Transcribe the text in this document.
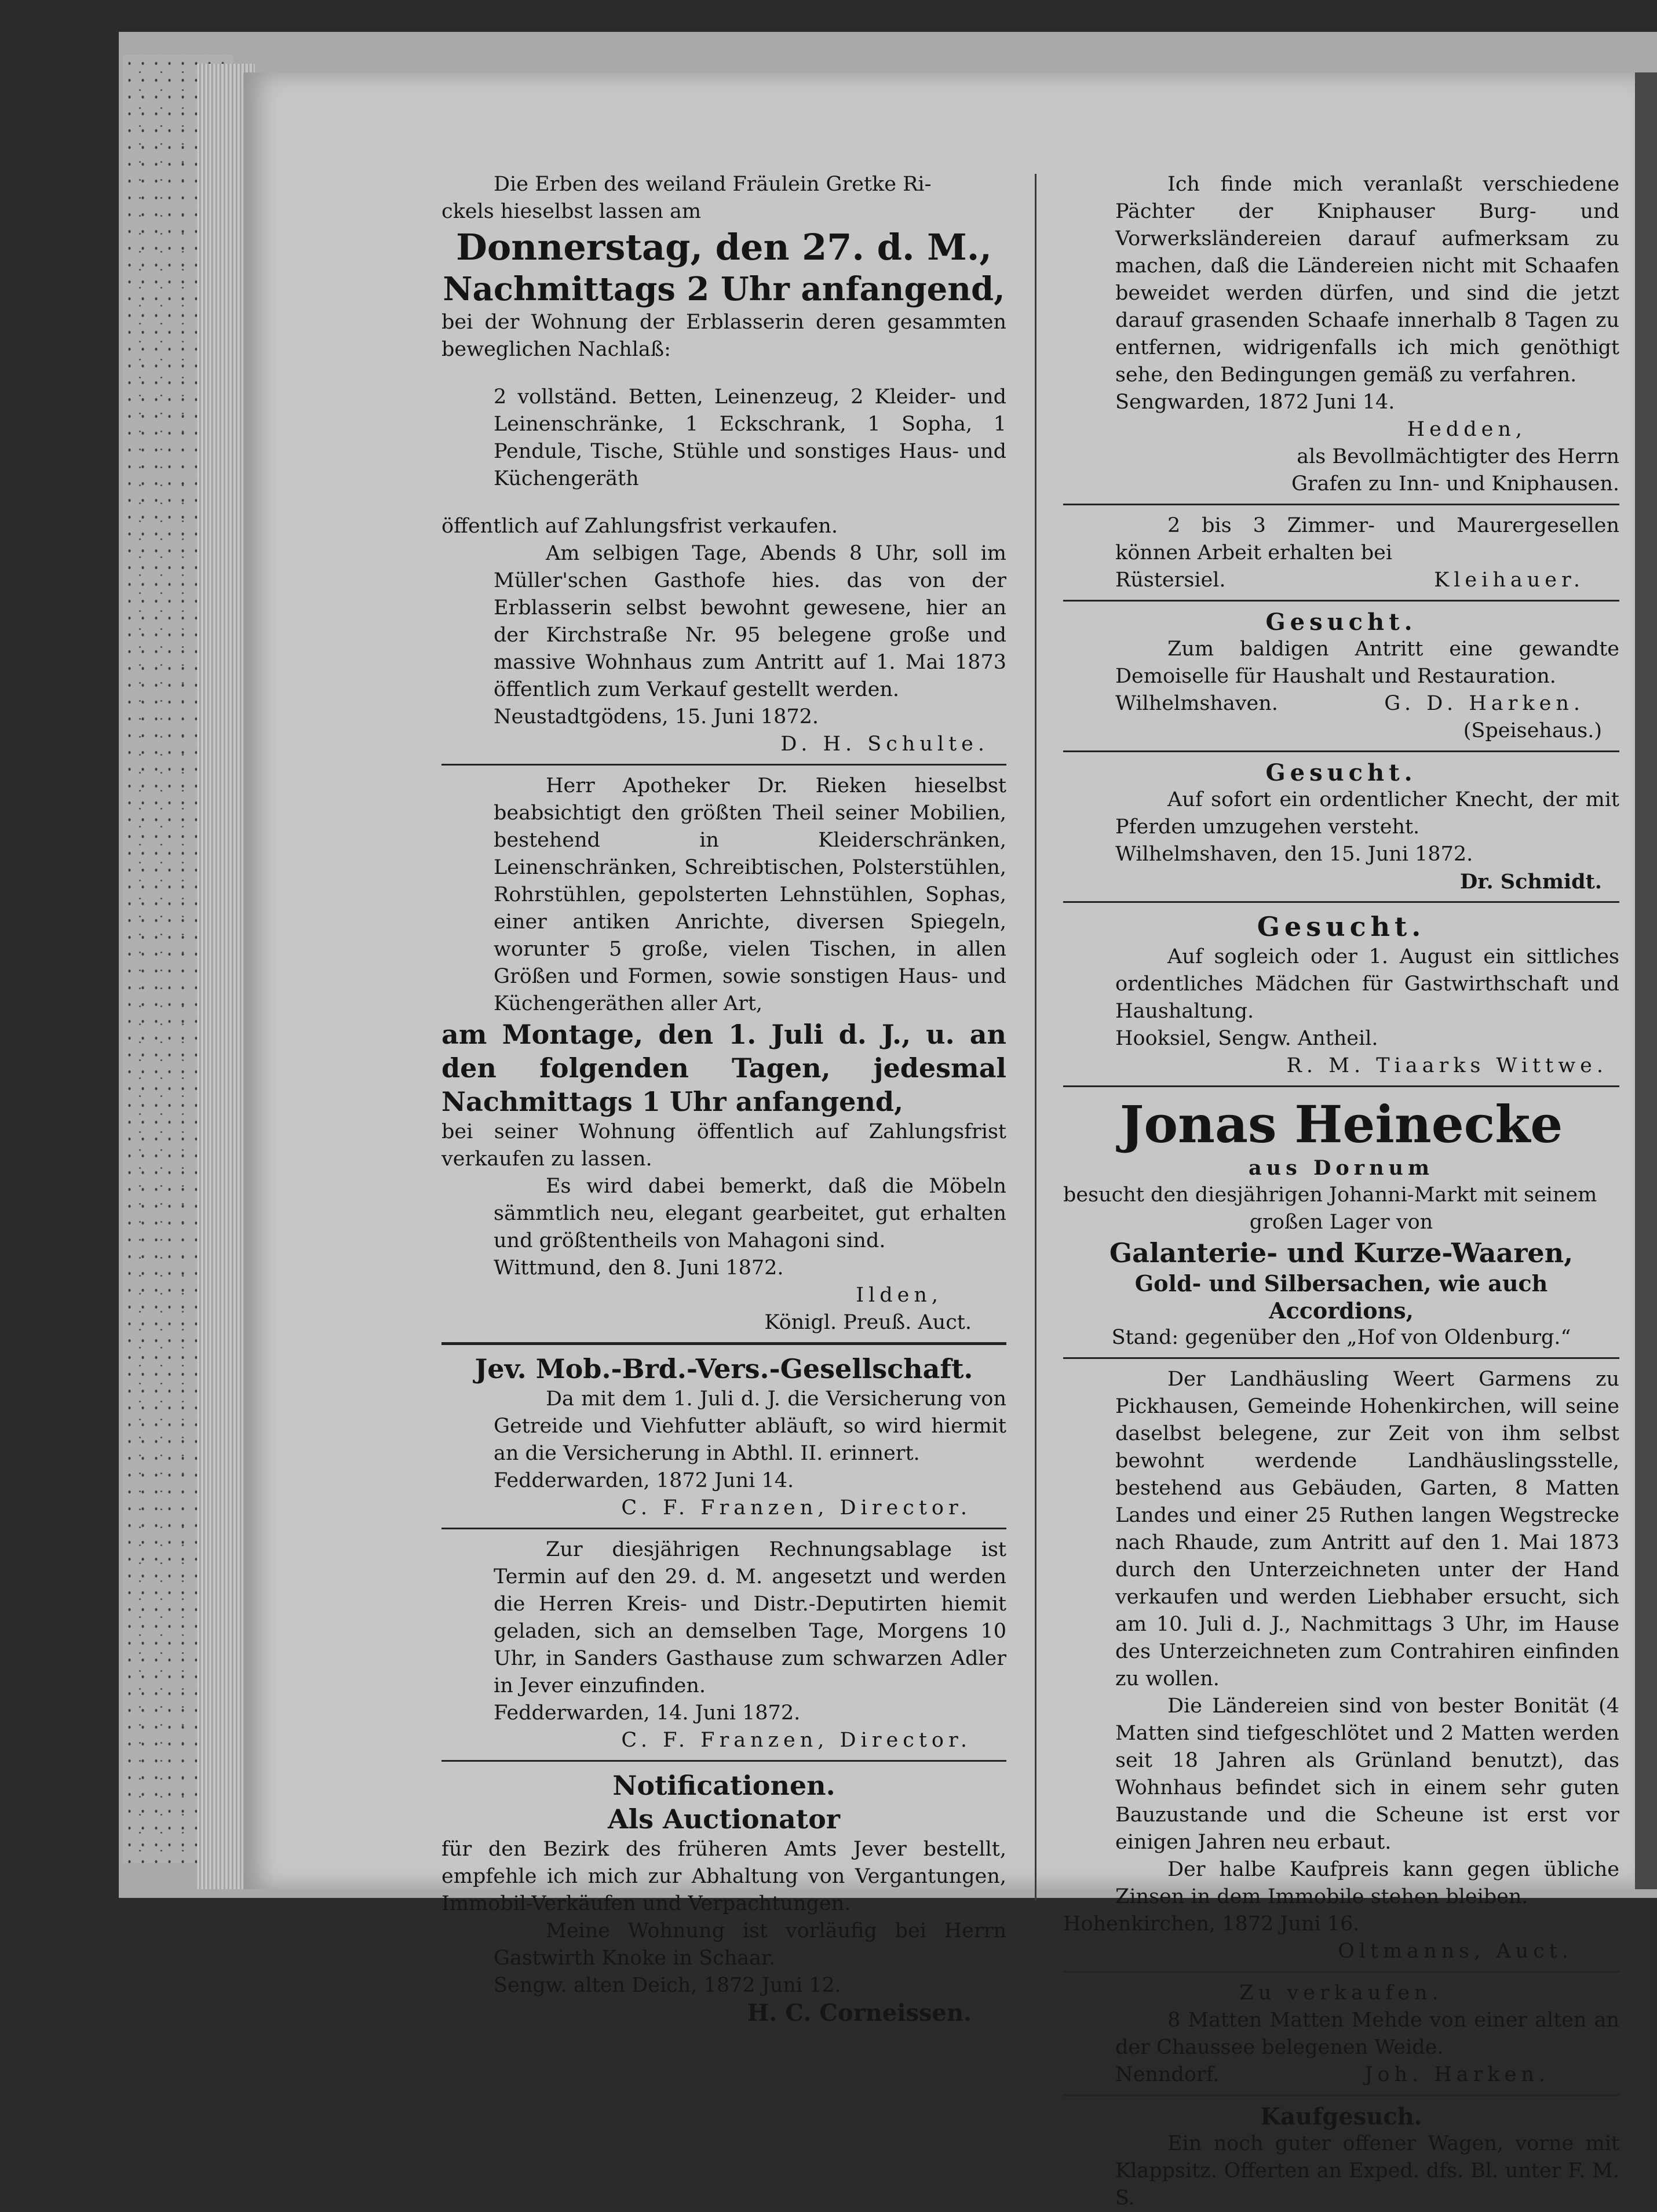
Die Erben des weiland Fräulein Gretke Ri-

ckels hieselbst lassen am

Donnerstag, den 27. d. M.,

Nachmittags 2 Uhr anfangend,

bei der Wohnung der Erblasserin deren gesammten beweglichen Nachlaß:

2 vollständ. Betten, Leinenzeug, 2 Kleider- und Leinenschränke, 1 Eckschrank, 1 Sopha, 1 Pendule, Tische, Stühle und sonstiges Haus- und Küchengeräth

öffentlich auf Zahlungsfrist verkaufen.

Am selbigen Tage, Abends 8 Uhr, soll im Müller'schen Gasthofe hies. das von der Erblasserin selbst bewohnt gewesene, hier an der Kirchstraße Nr. 95 belegene große und massive Wohnhaus zum Antritt auf 1. Mai 1873 öffentlich zum Verkauf gestellt werden.

Neustadtgödens, 15. Juni 1872.

D. H. Schulte.

Herr Apotheker Dr. Rieken hieselbst beabsichtigt den größten Theil seiner Mobilien, bestehend in Kleiderschränken, Leinenschränken, Schreibtischen, Polsterstühlen, Rohrstühlen, gepolsterten Lehnstühlen, Sophas, einer antiken Anrichte, diversen Spiegeln, worunter 5 große, vielen Tischen, in allen Größen und Formen, sowie sonstigen Haus- und Küchengeräthen aller Art,

am Montage, den 1. Juli d. J., u. an den folgenden Tagen, jedesmal Nachmittags 1 Uhr anfangend,

bei seiner Wohnung öffentlich auf Zahlungsfrist verkaufen zu lassen.

Es wird dabei bemerkt, daß die Möbeln sämmtlich neu, elegant gearbeitet, gut erhalten und größtentheils von Mahagoni sind.

Wittmund, den 8. Juni 1872.

Ilden,

Königl. Preuß. Auct.

Jev. Mob.-Brd.-Vers.-Gesellschaft.

Da mit dem 1. Juli d. J. die Versicherung von Getreide und Viehfutter abläuft, so wird hiermit an die Versicherung in Abthl. II. erinnert.

Fedderwarden, 1872 Juni 14.

C. F. Franzen, Director.

Zur diesjährigen Rechnungsablage ist Termin auf den 29. d. M. angesetzt und werden die Herren Kreis- und Distr.-Deputirten hiemit geladen, sich an demselben Tage, Morgens 10 Uhr, in Sanders Gasthause zum schwarzen Adler in Jever einzufinden.

Fedderwarden, 14. Juni 1872.

C. F. Franzen, Director.

Notificationen.

Als Auctionator

für den Bezirk des früheren Amts Jever bestellt, empfehle ich mich zur Abhaltung von Vergantungen, Immobil-Verkäufen und Verpachtungen.

Meine Wohnung ist vorläufig bei Herrn Gastwirth Knoke in Schaar.

Sengw. alten Deich, 1872 Juni 12.

H. C. Corneissen.

Ich finde mich veranlaßt verschiedene Pächter der Kniphauser Burg- und Vorwerksländereien darauf aufmerksam zu machen, daß die Ländereien nicht mit Schaafen beweidet werden dürfen, und sind die jetzt darauf grasenden Schaafe innerhalb 8 Tagen zu entfernen, widrigenfalls ich mich genöthigt sehe, den Bedingungen gemäß zu verfahren.

Sengwarden, 1872 Juni 14.

Hedden,

als Bevollmächtigter des Herrn

Grafen zu Inn- und Kniphausen.

2 bis 3 Zimmer- und Maurergesellen können Arbeit erhalten bei

Rüstersiel.	Kleihauer.

Gesucht.

Zum baldigen Antritt eine gewandte Demoiselle für Haushalt und Restauration.

Wilhelmshaven.	G. D. Harken.

(Speisehaus.)

Gesucht.

Auf sofort ein ordentlicher Knecht, der mit Pferden umzugehen versteht.

Wilhelmshaven, den 15. Juni 1872.

Dr. Schmidt.

Gesucht.

Auf sogleich oder 1. August ein sittliches ordentliches Mädchen für Gastwirthschaft und Haushaltung.

Hooksiel, Sengw. Antheil.

R. M. Tiaarks Wittwe.

Jonas Heinecke

aus Dornum

besucht den diesjährigen Johanni-Markt mit seinem

großen Lager von

Galanterie- und Kurze-Waaren,

Gold- und Silbersachen, wie auch Accordions,

Stand: gegenüber den „Hof von Oldenburg.“

Der Landhäusling Weert Garmens zu Pickhausen, Gemeinde Hohenkirchen, will seine daselbst belegene, zur Zeit von ihm selbst bewohnt werdende Landhäuslingsstelle, bestehend aus Gebäuden, Garten, 8 Matten Landes und einer 25 Ruthen langen Wegstrecke nach Rhaude, zum Antritt auf den 1. Mai 1873 durch den Unterzeichneten unter der Hand verkaufen und werden Liebhaber ersucht, sich am 10. Juli d. J., Nachmittags 3 Uhr, im Hause des Unterzeichneten zum Contrahiren einfinden zu wollen.

Die Ländereien sind von bester Bonität (4 Matten sind tiefgeschlötet und 2 Matten werden seit 18 Jahren als Grünland benutzt), das Wohnhaus befindet sich in einem sehr guten Bauzustande und die Scheune ist erst vor einigen Jahren neu erbaut.

Der halbe Kaufpreis kann gegen übliche Zinsen in dem Immobile stehen bleiben.

Hohenkirchen, 1872 Juni 16.

Oltmanns, Auct.

Zu verkaufen.

8 Matten Matten Mehde von einer alten an der Chaussee belegenen Weide.

Nenndorf.	Joh. Harken.

Kaufgesuch.

Ein noch guter offener Wagen, vorne mit Klappsitz. Offerten an Exped. dfs. Bl. unter F. M. S.
